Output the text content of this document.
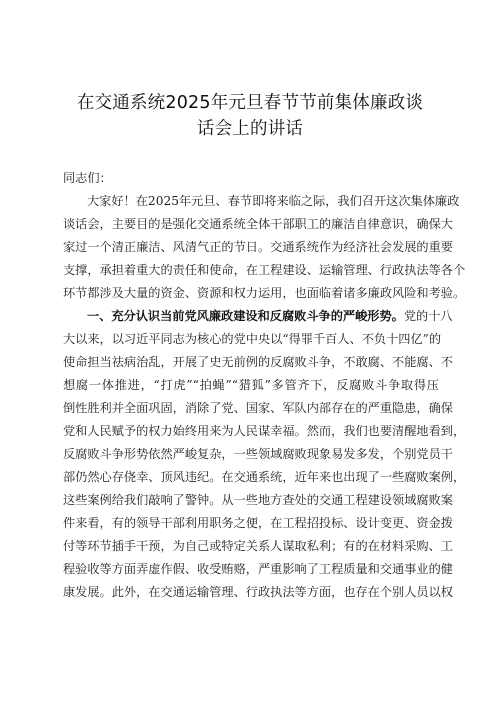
在交通系统2025年元旦春节节前集体廉政谈
话会上的讲话
同志们：
大家好！在2025年元旦、春节即将来临之际，我们召开这次集体廉政
谈话会，主要目的是强化交通系统全体干部职工的廉洁自律意识，确保大
家过一个清正廉洁、风清气正的节日。交通系统作为经济社会发展的重要
支撑，承担着重大的责任和使命，在工程建设、运输管理、行政执法等各个
环节都涉及大量的资金、资源和权力运用，也面临着诸多廉政风险和考验。
一、充分认识当前党风廉政建设和反腐败斗争的严峻形势。党的十八
大以来，以习近平同志为核心的党中央以“得罪千百人、不负十四亿”的
使命担当祛病治乱，开展了史无前例的反腐败斗争，不敢腐、不能腐、不
想腐一体推进，“打虎”“拍蝇”“猎狐”多管齐下，反腐败斗争取得压
倒性胜利并全面巩固，消除了党、国家、军队内部存在的严重隐患，确保
党和人民赋予的权力始终用来为人民谋幸福。然而，我们也要清醒地看到，
反腐败斗争形势依然严峻复杂，一些领域腐败现象易发多发，个别党员干
部仍然心存侥幸、顶风违纪。在交通系统，近年来也出现了一些腐败案例，
这些案例给我们敲响了警钟。从一些地方查处的交通工程建设领域腐败案
件来看，有的领导干部利用职务之便，在工程招投标、设计变更、资金拨
付等环节插手干预，为自己或特定关系人谋取私利；有的在材料采购、工
程验收等方面弄虚作假、收受贿赂，严重影响了工程质量和交通事业的健
康发展。此外，在交通运输管理、行政执法等方面，也存在个别人员以权
